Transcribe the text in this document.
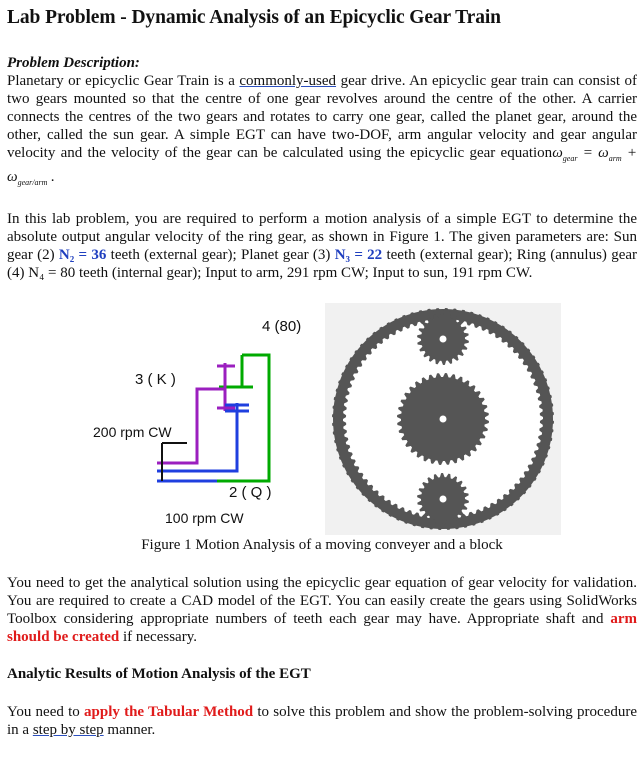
Lab Problem - Dynamic Analysis of an Epicyclic Gear Train
Problem Description:

Planetary or epicyclic Gear Train is a commonly-used gear drive. An epicyclic gear train can consist of two gears mounted so that the centre of one gear revolves around the centre of the other. A carrier connects the centres of the two gears and rotates to carry one gear, called the planet gear, around the other, called the sun gear. A simple EGT can have two-DOF, arm angular velocity and gear angular velocity and the velocity of the gear can be calculated using the epicyclic gear equationω$_{gear}$ = $\omega_{arm} + \omega_{gear/arm}$ .

In this lab problem, you are required to perform a motion analysis of a simple EGT to determine the absolute output angular velocity of the ring gear, as shown in Figure 1. The given parameters are: Sun gear (2) N₂ = 36 teeth (external gear); Planet gear (3) N₃ = 22 teeth (external gear); Ring (annulus) gear (4) N₄ = 80 teeth (internal gear); Input to arm, 291 rpm CW; Input to sun, 191 rpm CW.

4 (80)
3 ( K )
200 rpm CW
2 ( Q )
100 rpm CW
Figure 1 Motion Analysis of a moving conveyer and a block

You need to get the analytical solution using the epicyclic gear equation of gear velocity for validation. You are required to create a CAD model of the EGT. You can easily create the gears using SolidWorks Toolbox considering appropriate numbers of teeth each gear may have. Appropriate shaft and arm should be created if necessary.

Analytic Results of Motion Analysis of the EGT

You need to apply the Tabular Method to solve this problem and show the problem-solving procedure in a step by step manner.
